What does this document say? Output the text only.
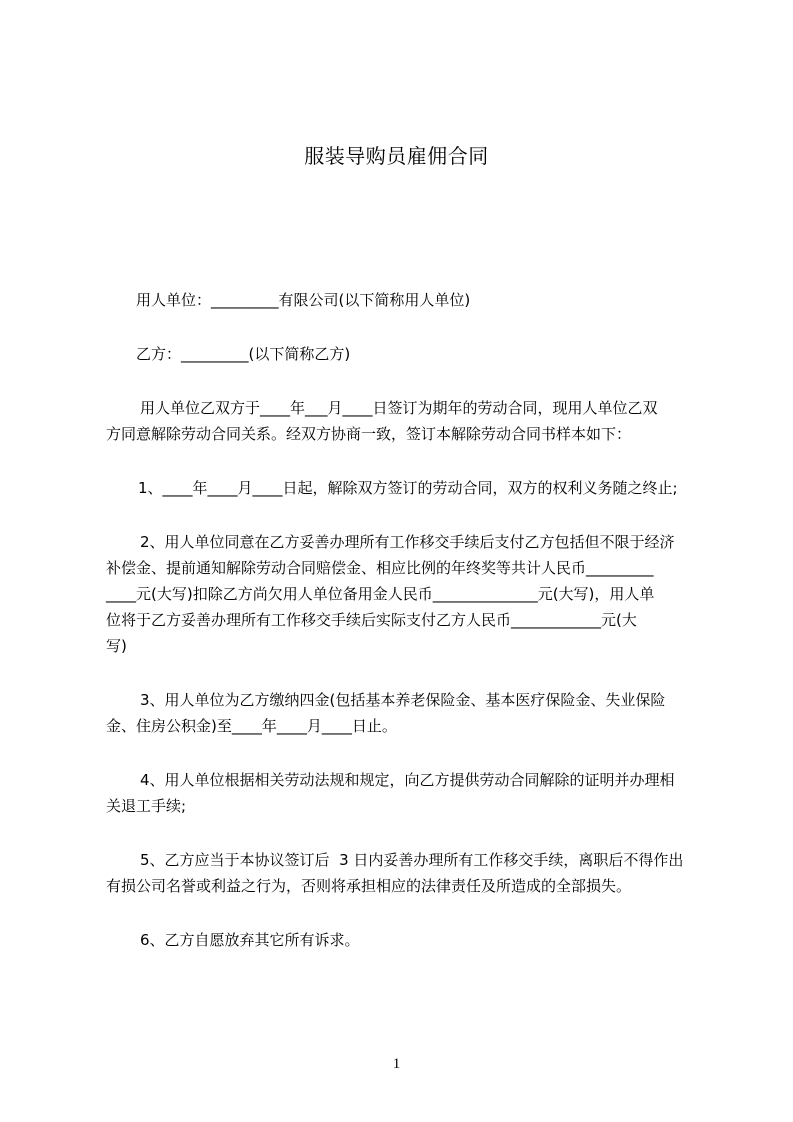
服装导购员雇佣合同
用人单位：_________有限公司(以下简称用人单位)
乙方：_________(以下简称乙方)
用人单位乙双方于____年___月____日签订为期年的劳动合同，现用人单位乙双
方同意解除劳动合同关系。经双方协商一致，签订本解除劳动合同书样本如下：
1、____年____月____日起，解除双方签订的劳动合同，双方的权利义务随之终止;
2、用人单位同意在乙方妥善办理所有工作移交手续后支付乙方包括但不限于经济
补偿金、提前通知解除劳动合同赔偿金、相应比例的年终奖等共计人民币_________
____元(大写)扣除乙方尚欠用人单位备用金人民币______________元(大写)，用人单
位将于乙方妥善办理所有工作移交手续后实际支付乙方人民币____________元(大
写)
3、用人单位为乙方缴纳四金(包括基本养老保险金、基本医疗保险金、失业保险
金、住房公积金)至____年____月____日止。
4、用人单位根据相关劳动法规和规定，向乙方提供劳动合同解除的证明并办理相
关退工手续;
5、乙方应当于本协议签订后  3 日内妥善办理所有工作移交手续，离职后不得作出
有损公司名誉或利益之行为，否则将承担相应的法律责任及所造成的全部损失。
6、乙方自愿放弃其它所有诉求。
1
